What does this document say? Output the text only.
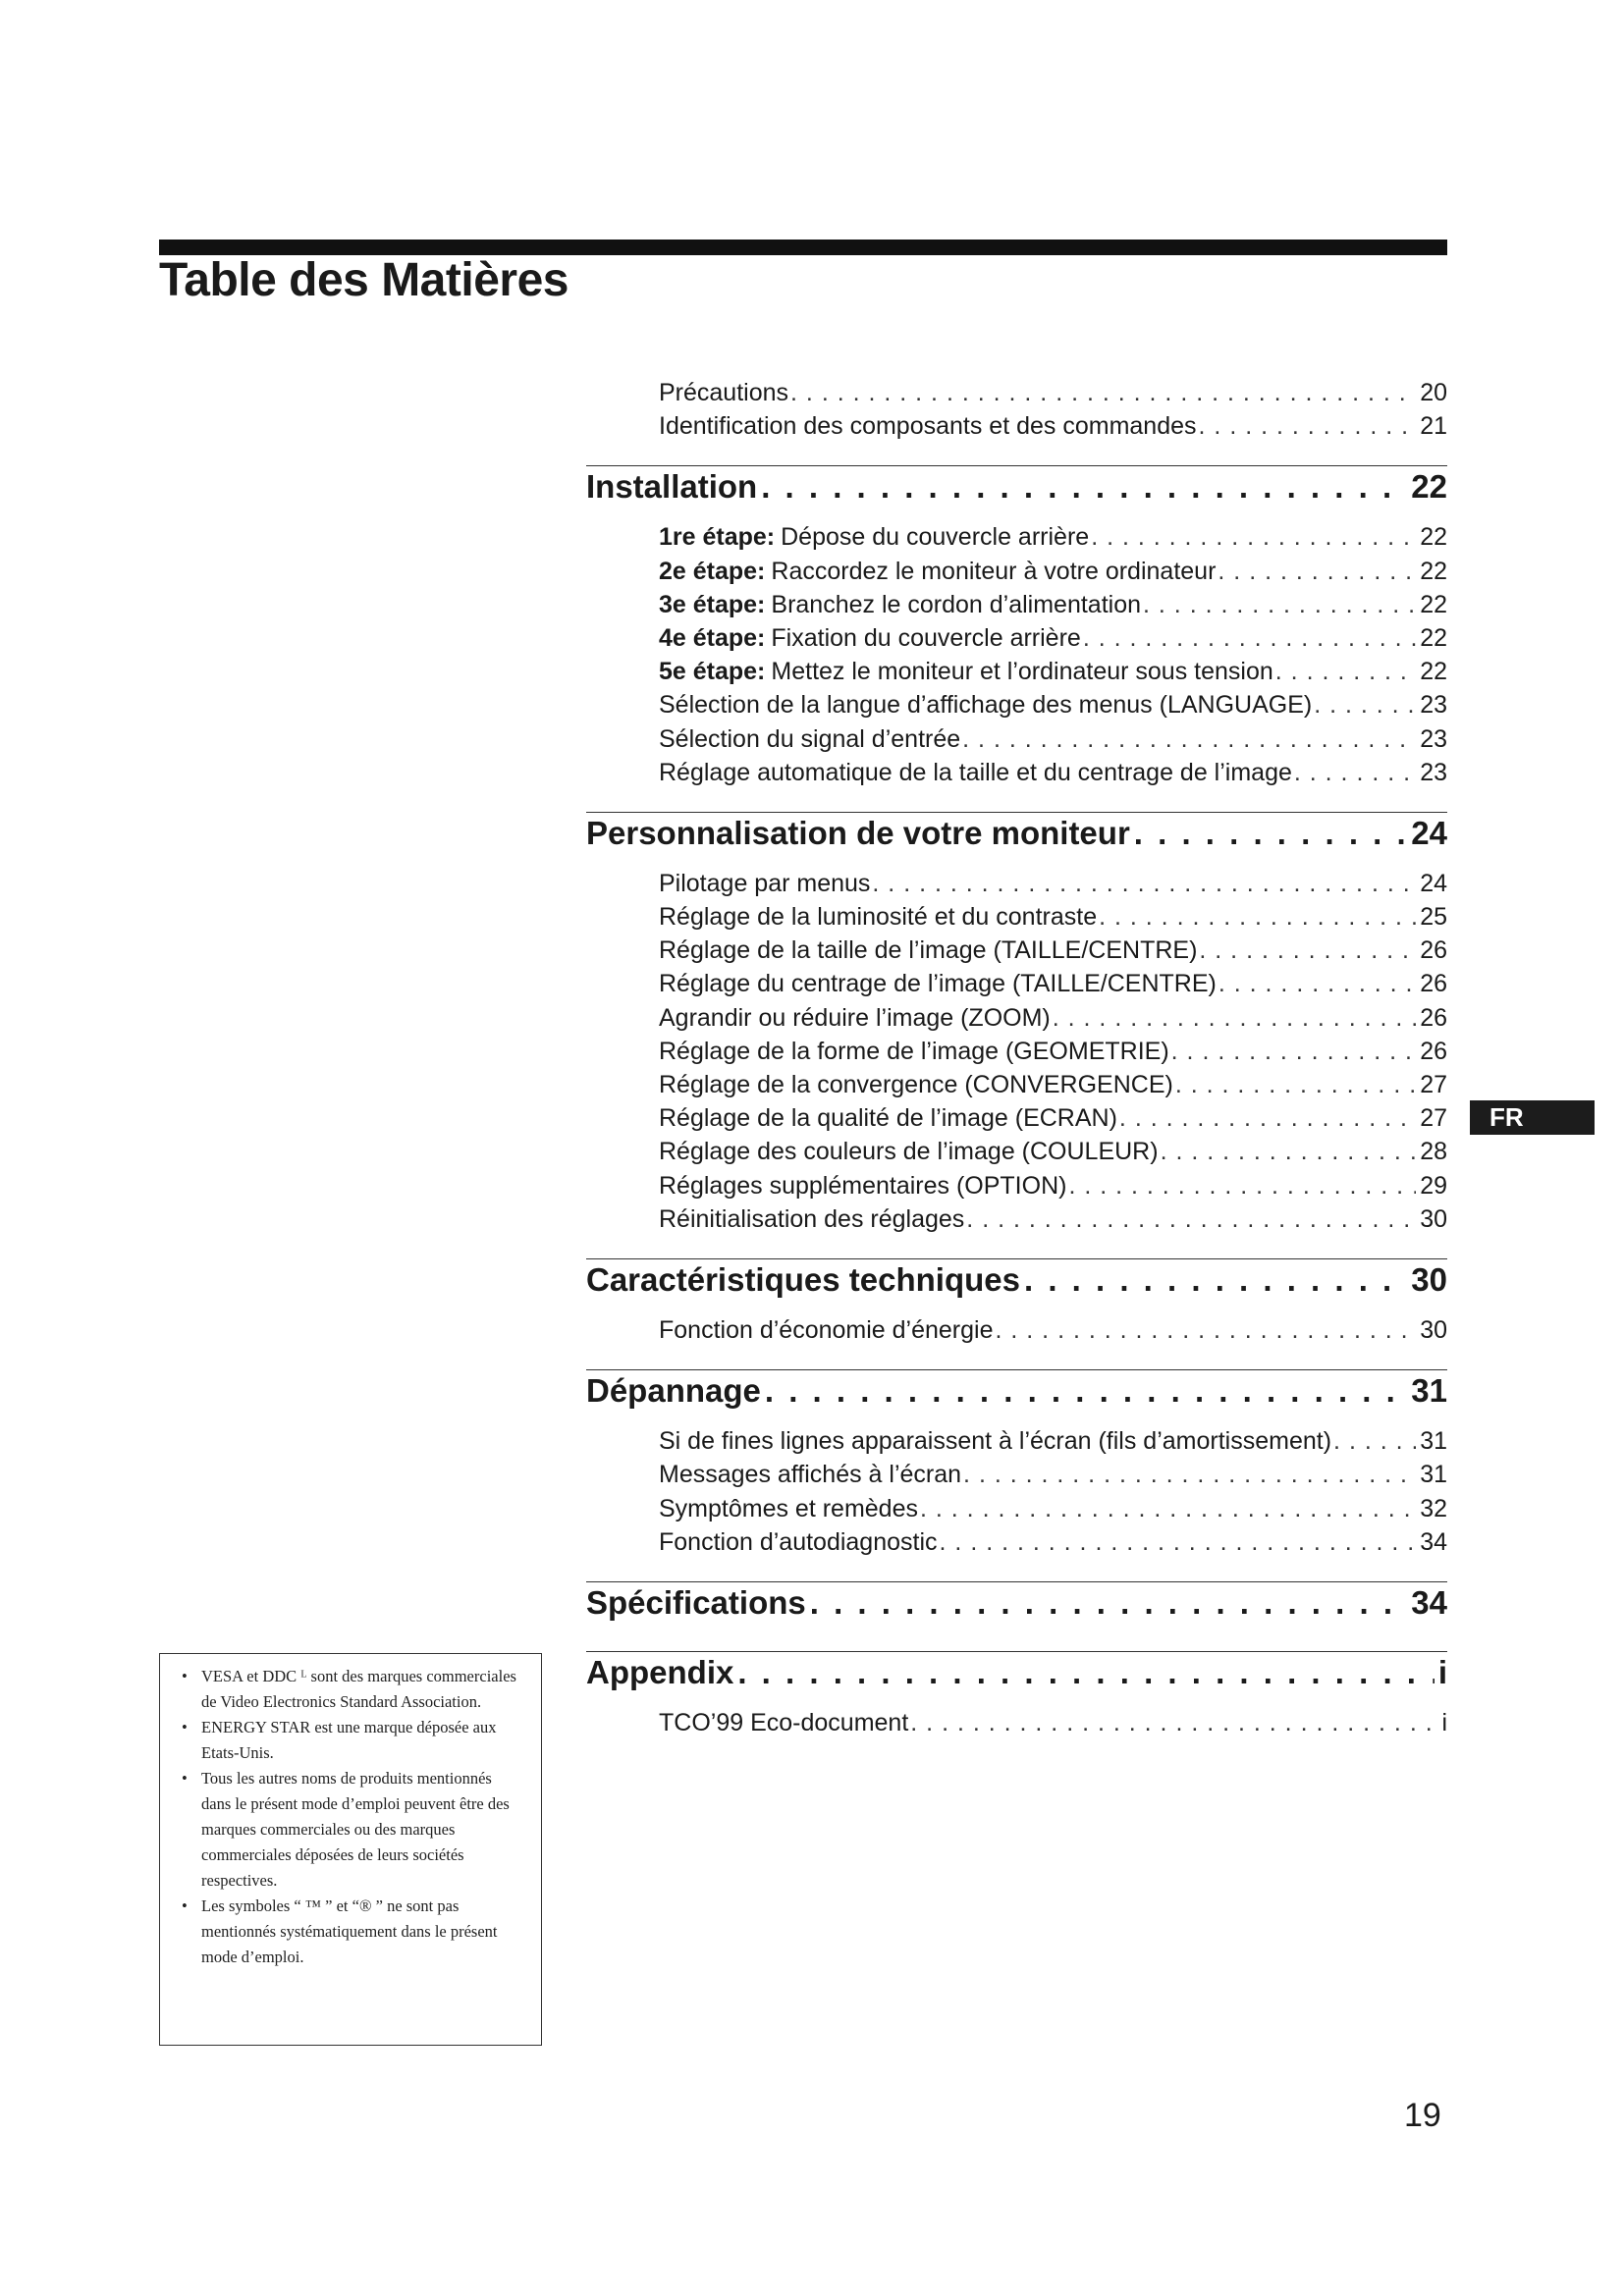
Table des Matières
Précautions . . .	20
Identification des composants et des commandes . . .	21
Installation . . .	22
1re étape: Dépose du couvercle arrière . . .	22
2e étape: Raccordez le moniteur à votre ordinateur . . .	22
3e étape: Branchez le cordon d’alimentation . . .	22
4e étape: Fixation du couvercle arrière . . .	22
5e étape: Mettez le moniteur et l’ordinateur sous tension . . .	22
Sélection de la langue d’affichage des menus (LANGUAGE) . . .	23
Sélection du signal d’entrée . . .	23
Réglage automatique de la taille et du centrage de l’image . . .	23
Personnalisation de votre moniteur . . .	24
Pilotage par menus . . .	24
Réglage de la luminosité et du contraste . . .	25
Réglage de la taille de l’image (TAILLE/CENTRE) . . .	26
Réglage du centrage de l’image (TAILLE/CENTRE) . . .	26
Agrandir ou réduire l’image (ZOOM) . . .	26
Réglage de la forme de l’image (GEOMETRIE) . . .	26
Réglage de la convergence (CONVERGENCE) . . .	27
Réglage de la qualité de l’image (ECRAN) . . .	27
Réglage des couleurs de l’image (COULEUR) . . .	28
Réglages supplémentaires (OPTION) . . .	29
Réinitialisation des réglages . . .	30
Caractéristiques techniques . . .	30
Fonction d’économie d’énergie . . .	30
Dépannage . . .	31
Si de fines lignes apparaissent à l’écran (fils d’amortissement) . . .	31
Messages affichés à l’écran . . .	31
Symptômes et remèdes . . .	32
Fonction d’autodiagnostic . . .	34
Spécifications . . .	34
Appendix . . .	i
TCO’99 Eco-document . . .	i
FR
• VESA et DDC ᴸ sont des marques commerciales de Video Electronics Standard Association.
• ENERGY STAR est une marque déposée aux Etats-Unis.
• Tous les autres noms de produits mentionnés dans le présent mode d’emploi peuvent être des marques commerciales ou des marques commerciales déposées de leurs sociétés respectives.
• Les symboles “ ™ ” et “® ” ne sont pas mentionnés systématiquement dans le présent mode d’emploi.
19
